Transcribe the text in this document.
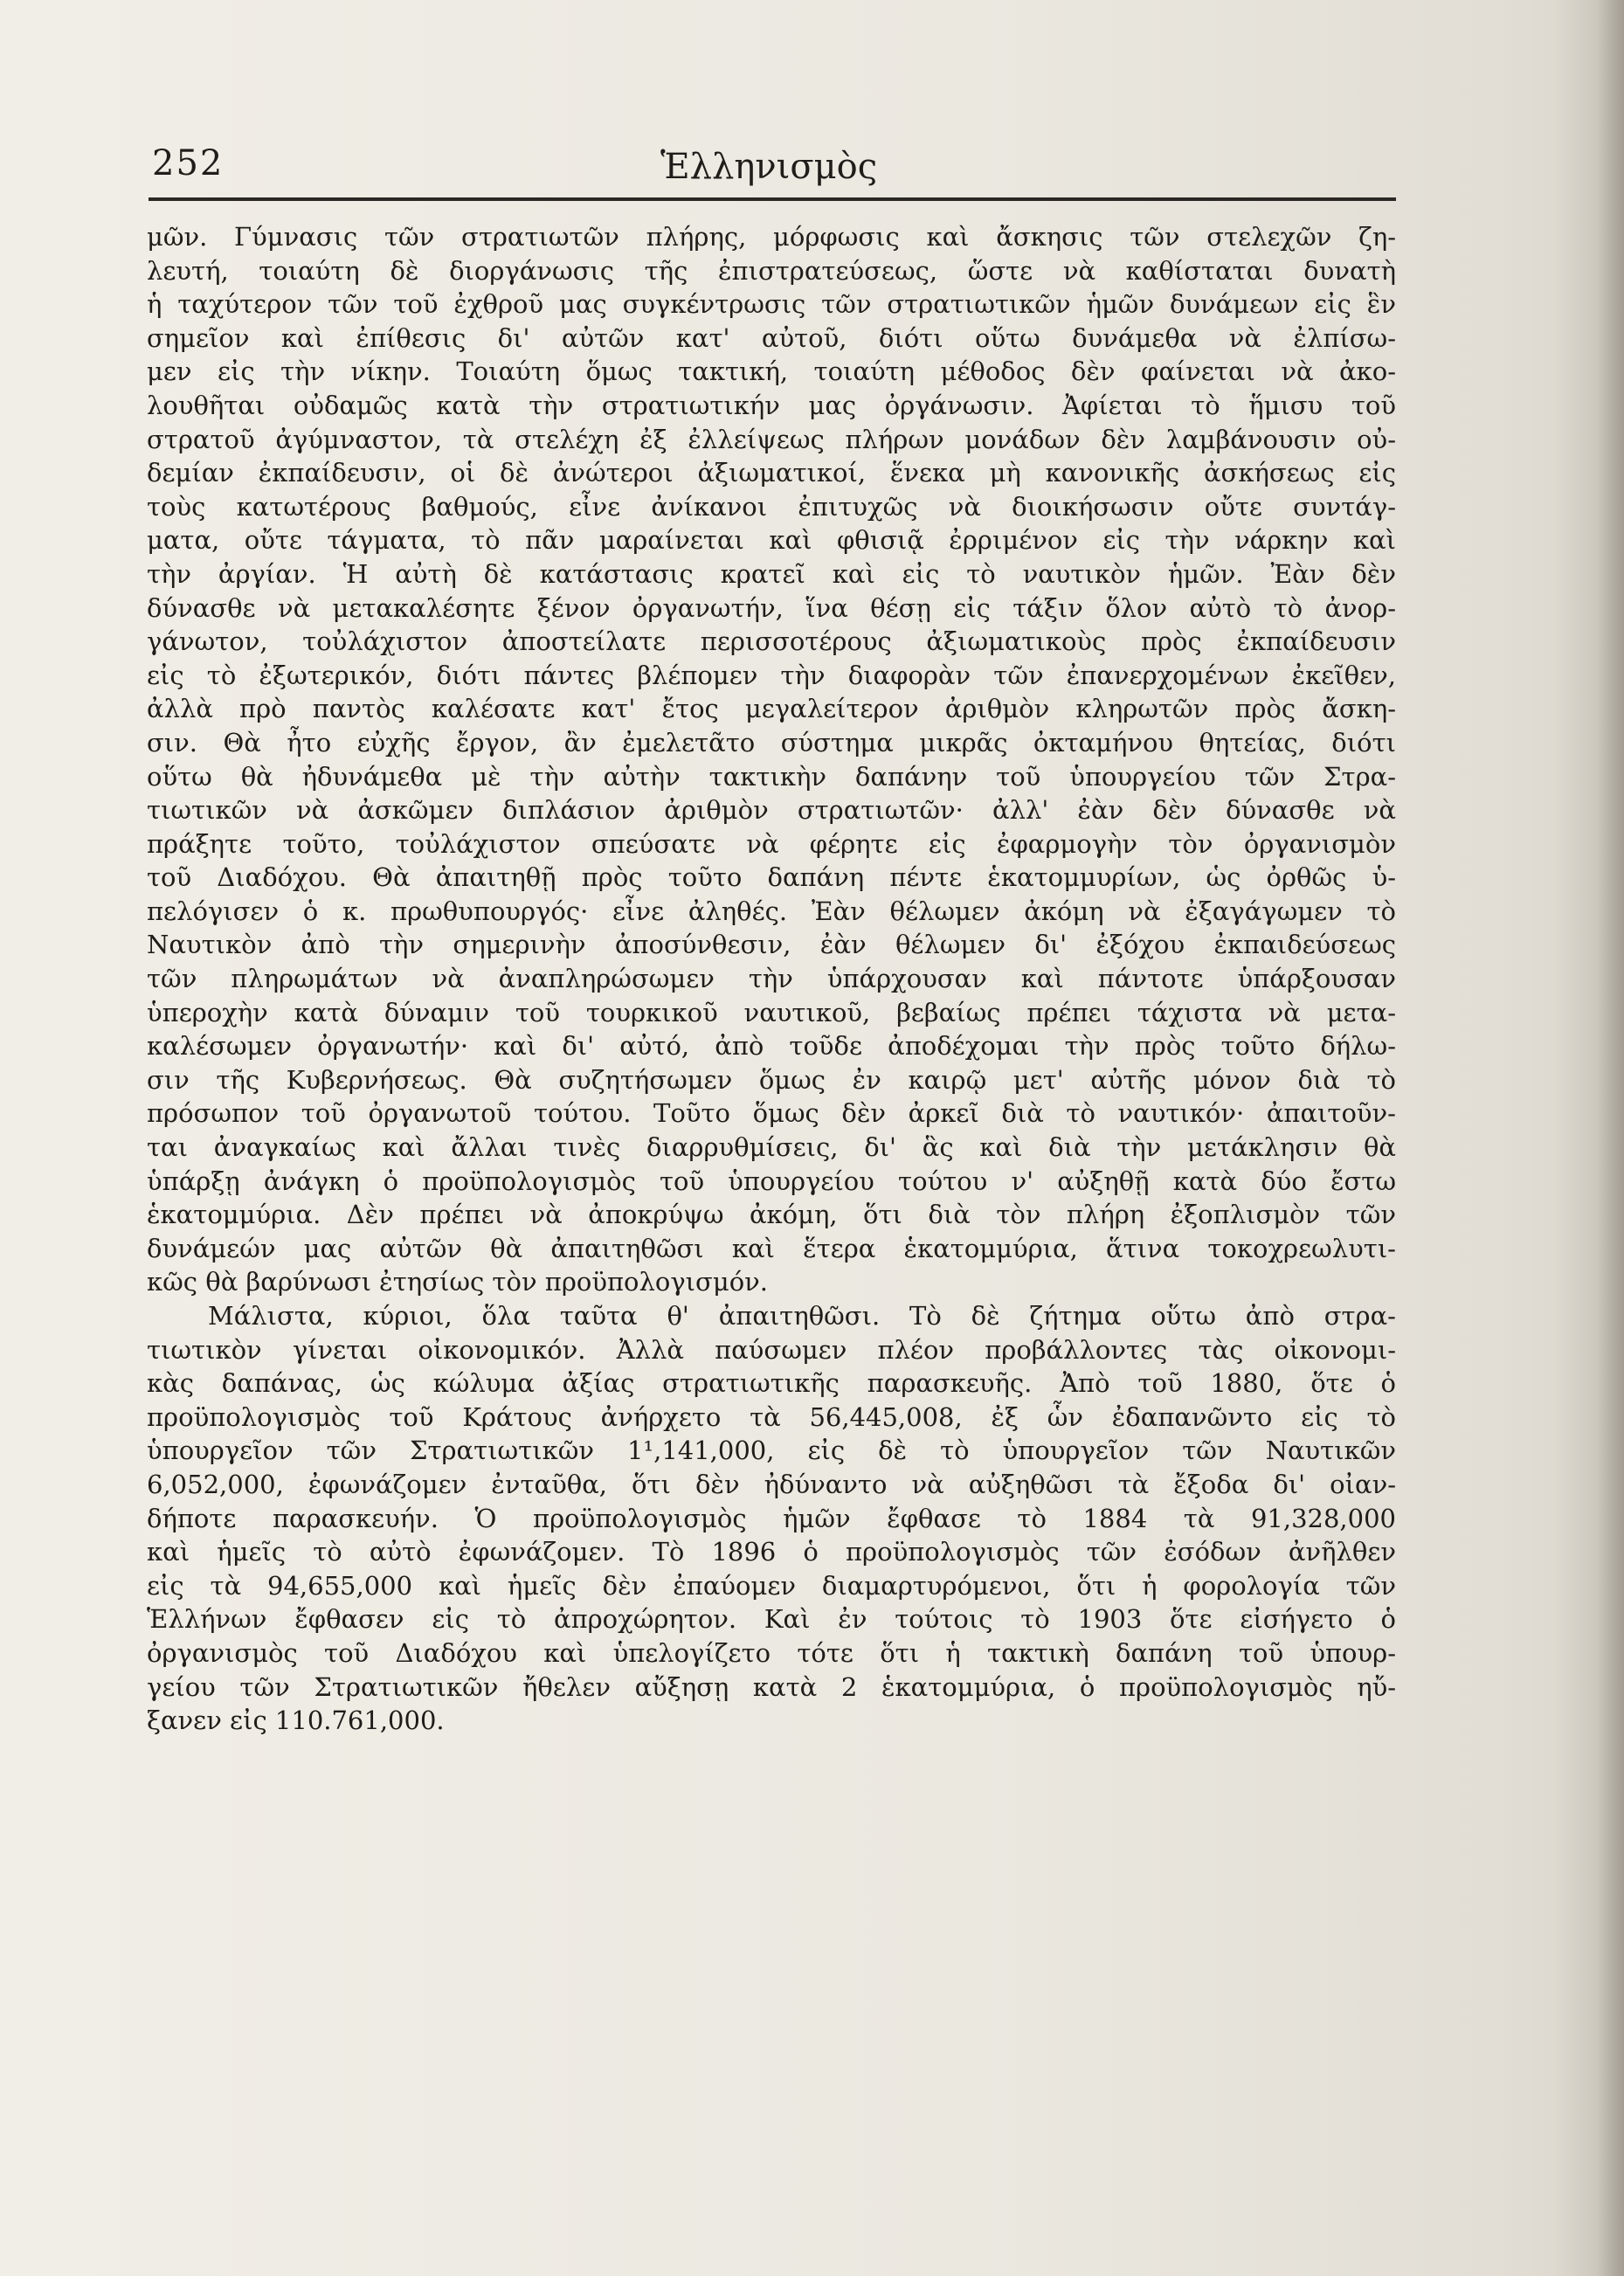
252	Ἑλληνισμὸς
μῶν. Γύμνασις τῶν στρατιωτῶν πλήρης, μόρφωσις καὶ ἄσκησις τῶν στελεχῶν ζη-
λευτή, τοιαύτη δὲ διοργάνωσις τῆς ἐπιστρατεύσεως, ὥστε νὰ καθίσταται δυνατὴ
ἡ ταχύτερον τῶν τοῦ ἐχθροῦ μας συγκέντρωσις τῶν στρατιωτικῶν ἡμῶν δυνάμεων εἰς ἓν
σημεῖον καὶ ἐπίθεσις δι' αὐτῶν κατ' αὐτοῦ, διότι οὕτω δυνάμεθα νὰ ἐλπίσω-
μεν εἰς τὴν νίκην. Τοιαύτη ὅμως τακτική, τοιαύτη μέθοδος δὲν φαίνεται νὰ ἀκο-
λουθῆται οὐδαμῶς κατὰ τὴν στρατιωτικήν μας ὀργάνωσιν. Ἀφίεται τὸ ἥμισυ τοῦ
στρατοῦ ἀγύμναστον, τὰ στελέχη ἐξ ἐλλείψεως πλήρων μονάδων δὲν λαμβάνουσιν οὐ-
δεμίαν ἐκπαίδευσιν, οἱ δὲ ἀνώτεροι ἀξιωματικοί, ἕνεκα μὴ κανονικῆς ἀσκήσεως εἰς
τοὺς κατωτέρους βαθμούς, εἶνε ἀνίκανοι ἐπιτυχῶς νὰ διοικήσωσιν οὔτε συντάγ-
ματα, οὔτε τάγματα, τὸ πᾶν μαραίνεται καὶ φθισιᾷ ἐρριμένον εἰς τὴν νάρκην καὶ
τὴν ἀργίαν. Ἡ αὐτὴ δὲ κατάστασις κρατεῖ καὶ εἰς τὸ ναυτικὸν ἡμῶν. Ἐὰν δὲν
δύνασθε νὰ μετακαλέσητε ξένον ὀργανωτήν, ἵνα θέσῃ εἰς τάξιν ὅλον αὐτὸ τὸ ἀνορ-
γάνωτον, τοὐλάχιστον ἀποστείλατε περισσοτέρους ἀξιωματικοὺς πρὸς ἐκπαίδευσιν
εἰς τὸ ἐξωτερικόν, διότι πάντες βλέπομεν τὴν διαφορὰν τῶν ἐπανερχομένων ἐκεῖθεν,
ἀλλὰ πρὸ παντὸς καλέσατε κατ' ἔτος μεγαλείτερον ἀριθμὸν κληρωτῶν πρὸς ἄσκη-
σιν. Θὰ ἦτο εὐχῆς ἔργον, ἂν ἐμελετᾶτο σύστημα μικρᾶς ὀκταμήνου θητείας, διότι
οὕτω θὰ ἠδυνάμεθα μὲ τὴν αὐτὴν τακτικὴν δαπάνην τοῦ ὑπουργείου τῶν Στρα-
τιωτικῶν νὰ ἀσκῶμεν διπλάσιον ἀριθμὸν στρατιωτῶν· ἀλλ' ἐὰν δὲν δύνασθε νὰ
πράξητε τοῦτο, τοὐλάχιστον σπεύσατε νὰ φέρητε εἰς ἐφαρμογὴν τὸν ὀργανισμὸν
τοῦ Διαδόχου. Θὰ ἀπαιτηθῇ πρὸς τοῦτο δαπάνη πέντε ἑκατομμυρίων, ὡς ὀρθῶς ὑ-
πελόγισεν ὁ κ. πρωθυπουργός· εἶνε ἀληθές. Ἐὰν θέλωμεν ἀκόμη νὰ ἐξαγάγωμεν τὸ
Ναυτικὸν ἀπὸ τὴν σημερινὴν ἀποσύνθεσιν, ἐὰν θέλωμεν δι' ἐξόχου ἐκπαιδεύσεως
τῶν πληρωμάτων νὰ ἀναπληρώσωμεν τὴν ὑπάρχουσαν καὶ πάντοτε ὑπάρξουσαν
ὑπεροχὴν κατὰ δύναμιν τοῦ τουρκικοῦ ναυτικοῦ, βεβαίως πρέπει τάχιστα νὰ μετα-
καλέσωμεν ὀργανωτήν· καὶ δι' αὐτό, ἀπὸ τοῦδε ἀποδέχομαι τὴν πρὸς τοῦτο δήλω-
σιν τῆς Κυβερνήσεως. Θὰ συζητήσωμεν ὅμως ἐν καιρῷ μετ' αὐτῆς μόνον διὰ τὸ
πρόσωπον τοῦ ὀργανωτοῦ τούτου. Τοῦτο ὅμως δὲν ἀρκεῖ διὰ τὸ ναυτικόν· ἀπαιτοῦν-
ται ἀναγκαίως καὶ ἄλλαι τινὲς διαρρυθμίσεις, δι' ἃς καὶ διὰ τὴν μετάκλησιν θὰ
ὑπάρξῃ ἀνάγκη ὁ προϋπολογισμὸς τοῦ ὑπουργείου τούτου ν' αὐξηθῇ κατὰ δύο ἔστω
ἑκατομμύρια. Δὲν πρέπει νὰ ἀποκρύψω ἀκόμη, ὅτι διὰ τὸν πλήρη ἐξοπλισμὸν τῶν
δυνάμεών μας αὐτῶν θὰ ἀπαιτηθῶσι καὶ ἕτερα ἑκατομμύρια, ἅτινα τοκοχρεωλυτι-
κῶς θὰ βαρύνωσι ἐτησίως τὸν προϋπολογισμόν.
Μάλιστα, κύριοι, ὅλα ταῦτα θ' ἀπαιτηθῶσι. Τὸ δὲ ζήτημα οὕτω ἀπὸ στρα-
τιωτικὸν γίνεται οἰκονομικόν. Ἀλλὰ παύσωμεν πλέον προβάλλοντες τὰς οἰκονομι-
κὰς δαπάνας, ὡς κώλυμα ἀξίας στρατιωτικῆς παρασκευῆς. Ἀπὸ τοῦ 1880, ὅτε ὁ
προϋπολογισμὸς τοῦ Κράτους ἀνήρχετο τὰ 56,445,008, ἐξ ὧν ἐδαπανῶντο εἰς τὸ
ὑπουργεῖον τῶν Στρατιωτικῶν 1¹,141,000, εἰς δὲ τὸ ὑπουργεῖον τῶν Ναυτικῶν
6,052,000, ἐφωνάζομεν ἐνταῦθα, ὅτι δὲν ἠδύναντο νὰ αὐξηθῶσι τὰ ἔξοδα δι' οἰαν-
δήποτε παρασκευήν. Ὁ προϋπολογισμὸς ἡμῶν ἔφθασε τὸ 1884 τὰ 91,328,000
καὶ ἡμεῖς τὸ αὐτὸ ἐφωνάζομεν. Τὸ 1896 ὁ προϋπολογισμὸς τῶν ἐσόδων ἀνῆλθεν
εἰς τὰ 94,655,000 καὶ ἡμεῖς δὲν ἐπαύομεν διαμαρτυρόμενοι, ὅτι ἡ φορολογία τῶν
Ἑλλήνων ἔφθασεν εἰς τὸ ἀπροχώρητον. Καὶ ἐν τούτοις τὸ 1903 ὅτε εἰσήγετο ὁ
ὀργανισμὸς τοῦ Διαδόχου καὶ ὑπελογίζετο τότε ὅτι ἡ τακτικὴ δαπάνη τοῦ ὑπουρ-
γείου τῶν Στρατιωτικῶν ἤθελεν αὔξησῃ κατὰ 2 ἑκατομμύρια, ὁ προϋπολογισμὸς ηὔ-
ξανεν εἰς 110.761,000.
